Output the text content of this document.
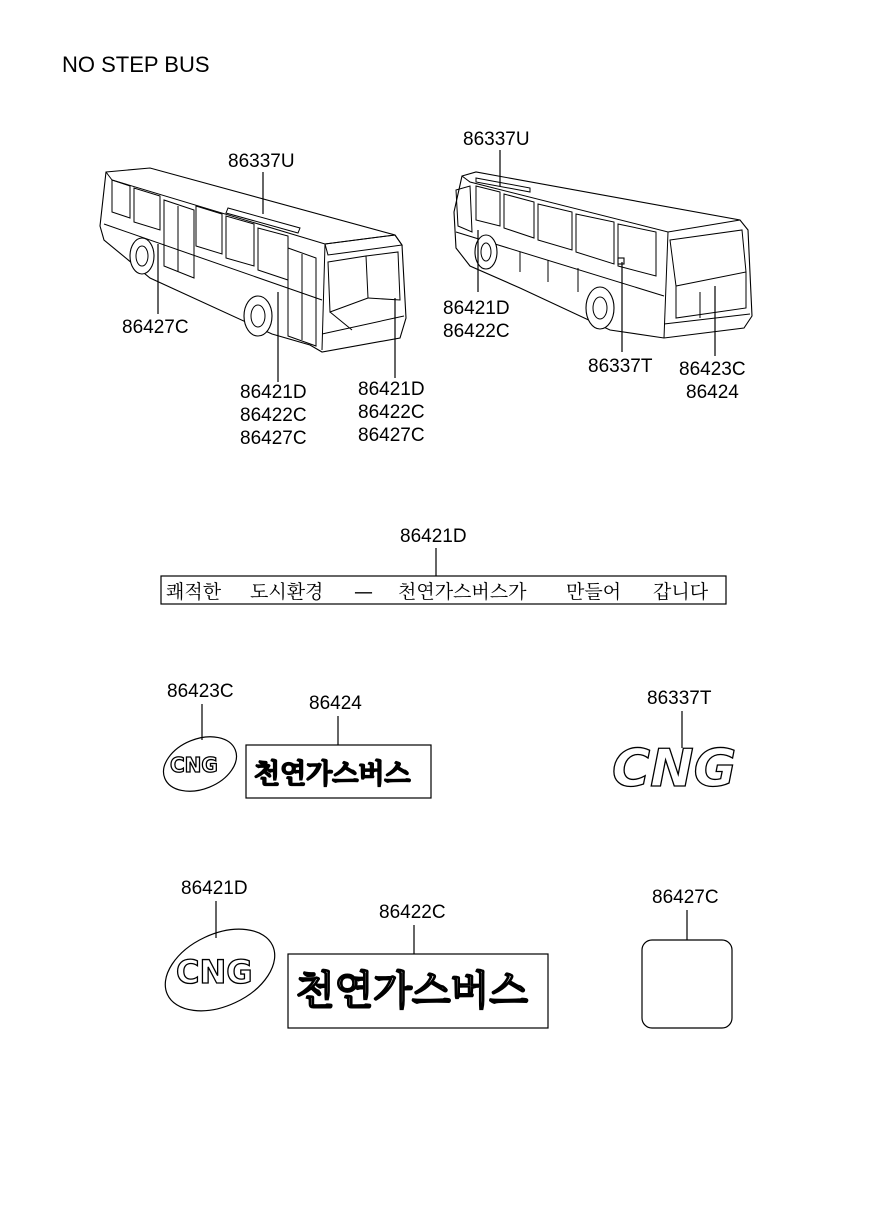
NO STEP BUS
86337U
86427C
86421D
86422C
86427C
86421D
86422C
86427C
86337U
86421D
86422C
86337T 86423C
86424
86421D
쾌적한 도시환경 — 천연가스버스가 만들어 갑니다
86423C
CNG
86424
천연가스버스
86337T
CNG
86421D
CNG
86422C
천연가스버스
86427C
